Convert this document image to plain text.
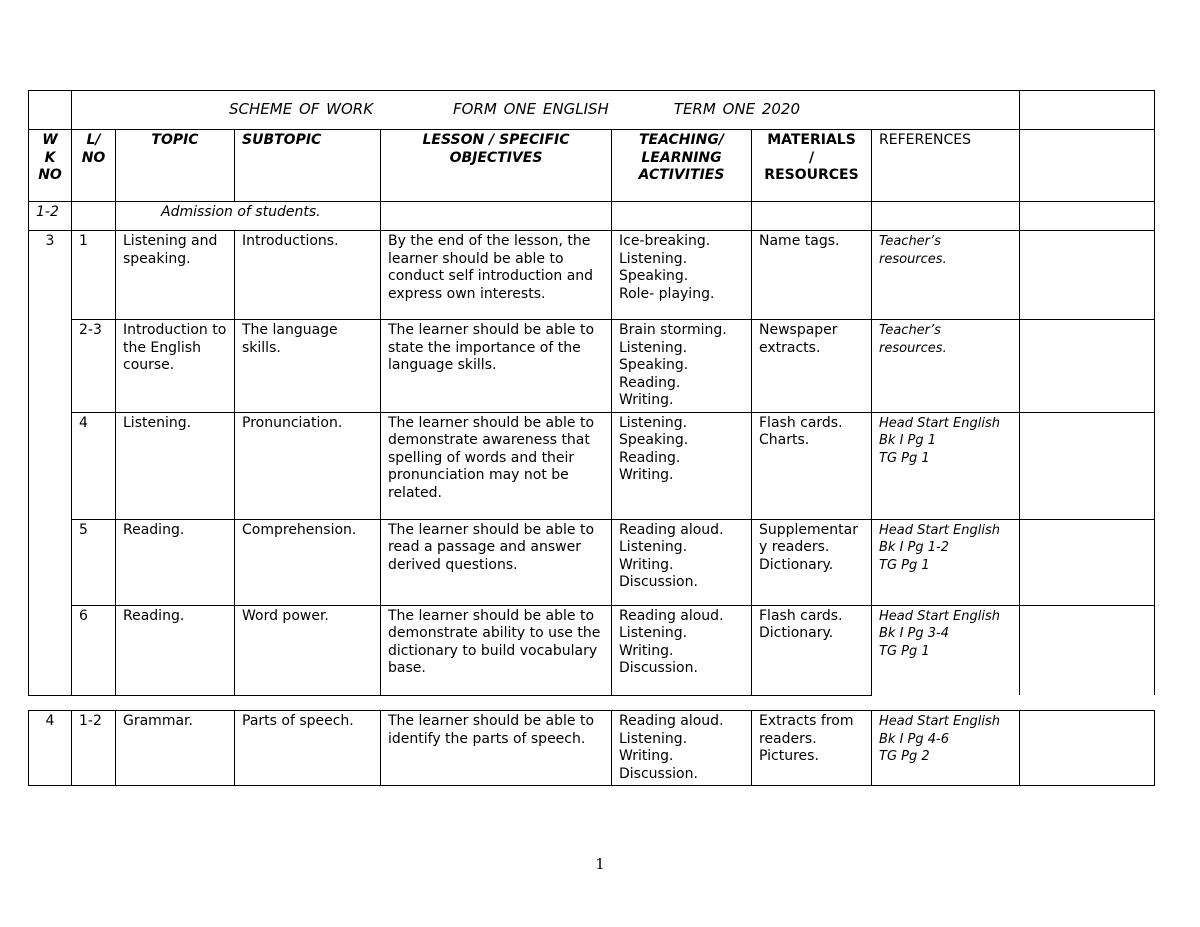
	SCHEME OF WORK FORM ONE ENGLISH TERM ONE 2020							
W
K
NO	L/
NO	TOPIC	SUBTOPIC	LESSON / SPECIFIC
OBJECTIVES	TEACHING/
LEARNING
ACTIVITIES	MATERIALS
/
RESOURCES	REFERENCES	
1-2		Admission of students.						
3	1	Listening and speaking.	Introductions.	By the end of the lesson, the learner should be able to
conduct self introduction and express own interests.	Ice-breaking.
Listening.
Speaking.
Role- playing.	Name tags.	Teacher’s resources.	
	2-3	Introduction to the English course.	The language skills.	The learner should be able to
state the importance of the language skills.	Brain storming.
Listening.
Speaking.
Reading.
Writing.	Newspaper extracts.	Teacher’s resources.	
	4	Listening.	Pronunciation.	The learner should be able to
demonstrate awareness that spelling of words and their pronunciation may not be related.	Listening.
Speaking.
Reading.
Writing.	Flash cards.
Charts.	Head Start English
Bk I Pg 1
TG Pg 1	
	5	Reading.	Comprehension.	The learner should be able to
read a passage and answer derived questions.	Reading aloud.
Listening.
Writing.
Discussion.	Supplementar
y readers.
Dictionary.	Head Start English
Bk I Pg 1-2
TG Pg 1	
	6	Reading.	Word power.	The learner should be able to
demonstrate ability to use the dictionary to build vocabulary base.	Reading aloud.
Listening.
Writing.
Discussion.	Flash cards.
Dictionary.	Head Start English
Bk I Pg 3-4
TG Pg 1	
4	1-2	Grammar.	Parts of speech.	The learner should be able to
identify the parts of speech.	Reading aloud.
Listening.
Writing.
Discussion.	Extracts from readers.
Pictures.	Head Start English
Bk I Pg 4-6
TG Pg 2	
1
